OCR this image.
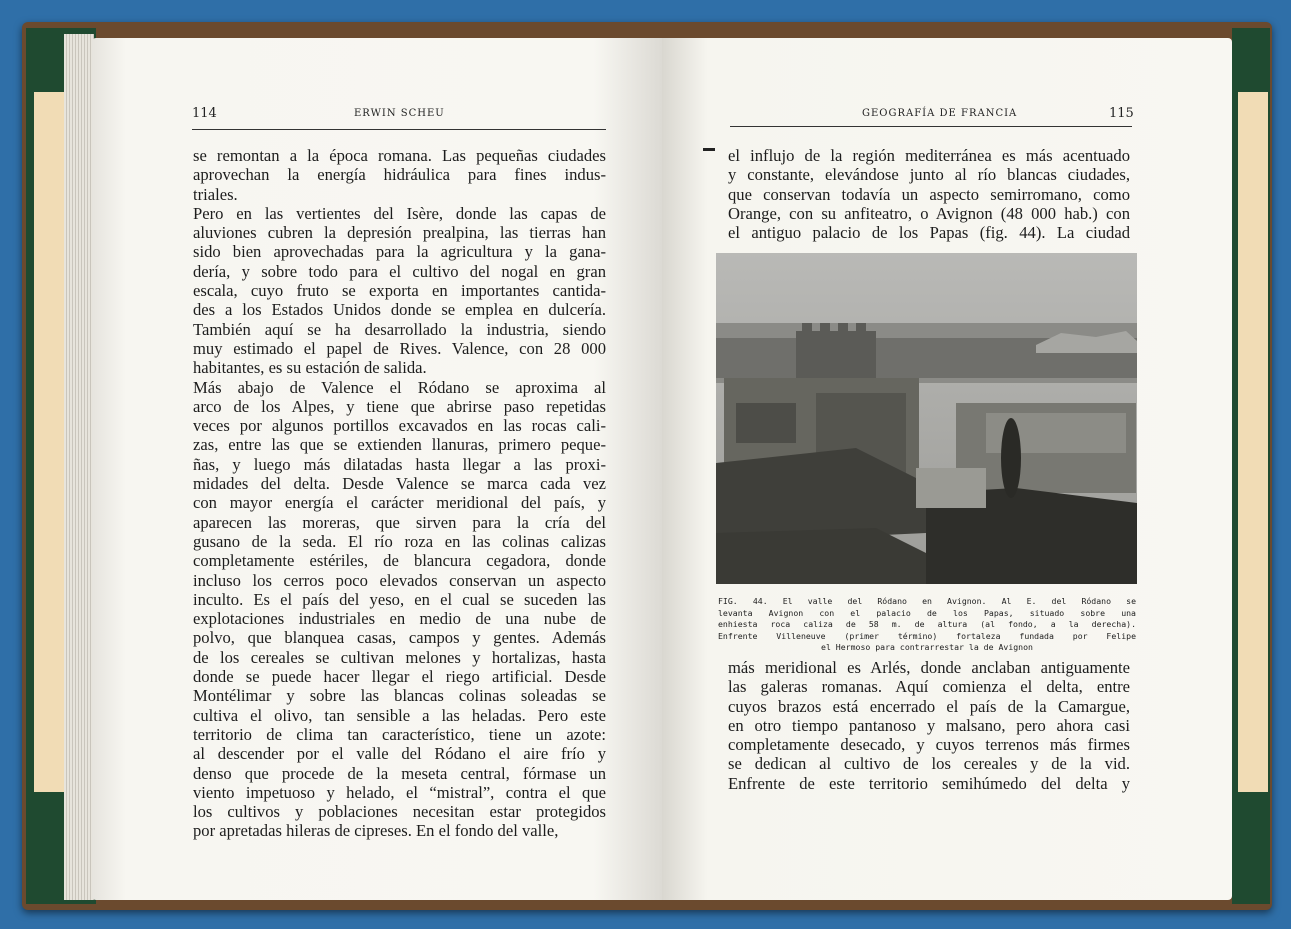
114	ERWIN SCHEU
se remontan a la época romana. Las pequeñas ciudades
aprovechan la energía hidráulica para fines indus-
triales.
Pero en las vertientes del Isère, donde las capas de
aluviones cubren la depresión prealpina, las tierras han
sido bien aprovechadas para la agricultura y la gana-
dería, y sobre todo para el cultivo del nogal en gran
escala, cuyo fruto se exporta en importantes cantida-
des a los Estados Unidos donde se emplea en dulcería.
También aquí se ha desarrollado la industria, siendo
muy estimado el papel de Rives. Valence, con 28 000
habitantes, es su estación de salida.
Más abajo de Valence el Ródano se aproxima al
arco de los Alpes, y tiene que abrirse paso repetidas
veces por algunos portillos excavados en las rocas cali-
zas, entre las que se extienden llanuras, primero peque-
ñas, y luego más dilatadas hasta llegar a las proxi-
midades del delta. Desde Valence se marca cada vez
con mayor energía el carácter meridional del país, y
aparecen las moreras, que sirven para la cría del
gusano de la seda. El río roza en las colinas calizas
completamente estériles, de blancura cegadora, donde
incluso los cerros poco elevados conservan un aspecto
inculto. Es el país del yeso, en el cual se suceden las
explotaciones industriales en medio de una nube de
polvo, que blanquea casas, campos y gentes. Además
de los cereales se cultivan melones y hortalizas, hasta
donde se puede hacer llegar el riego artificial. Desde
Montélimar y sobre las blancas colinas soleadas se
cultiva el olivo, tan sensible a las heladas. Pero este
territorio de clima tan característico, tiene un azote:
al descender por el valle del Ródano el aire frío y
denso que procede de la meseta central, fórmase un
viento impetuoso y helado, el “mistral”, contra el que
los cultivos y poblaciones necesitan estar protegidos
por apretadas hileras de cipreses. En el fondo del valle,
GEOGRAFÍA DE FRANCIA	115
el influjo de la región mediterránea es más acentuado
y constante, elevándose junto al río blancas ciudades,
que conservan todavía un aspecto semirromano, como
Orange, con su anfiteatro, o Avignon (48 000 hab.) con
el antiguo palacio de los Papas (fig. 44). La ciudad
FIG. 44. El valle del Ródano en Avignon. Al E. del Ródano se
levanta Avignon con el palacio de los Papas, situado sobre una
enhiesta roca caliza de 58 m. de altura (al fondo, a la derecha).
Enfrente Villeneuve (primer término) fortaleza fundada por Felipe
el Hermoso para contrarrestar la de Avignon
más meridional es Arlés, donde anclaban antiguamente
las galeras romanas. Aquí comienza el delta, entre
cuyos brazos está encerrado el país de la Camargue,
en otro tiempo pantanoso y malsano, pero ahora casi
completamente desecado, y cuyos terrenos más firmes
se dedican al cultivo de los cereales y de la vid.
Enfrente de este territorio semihúmedo del delta y
